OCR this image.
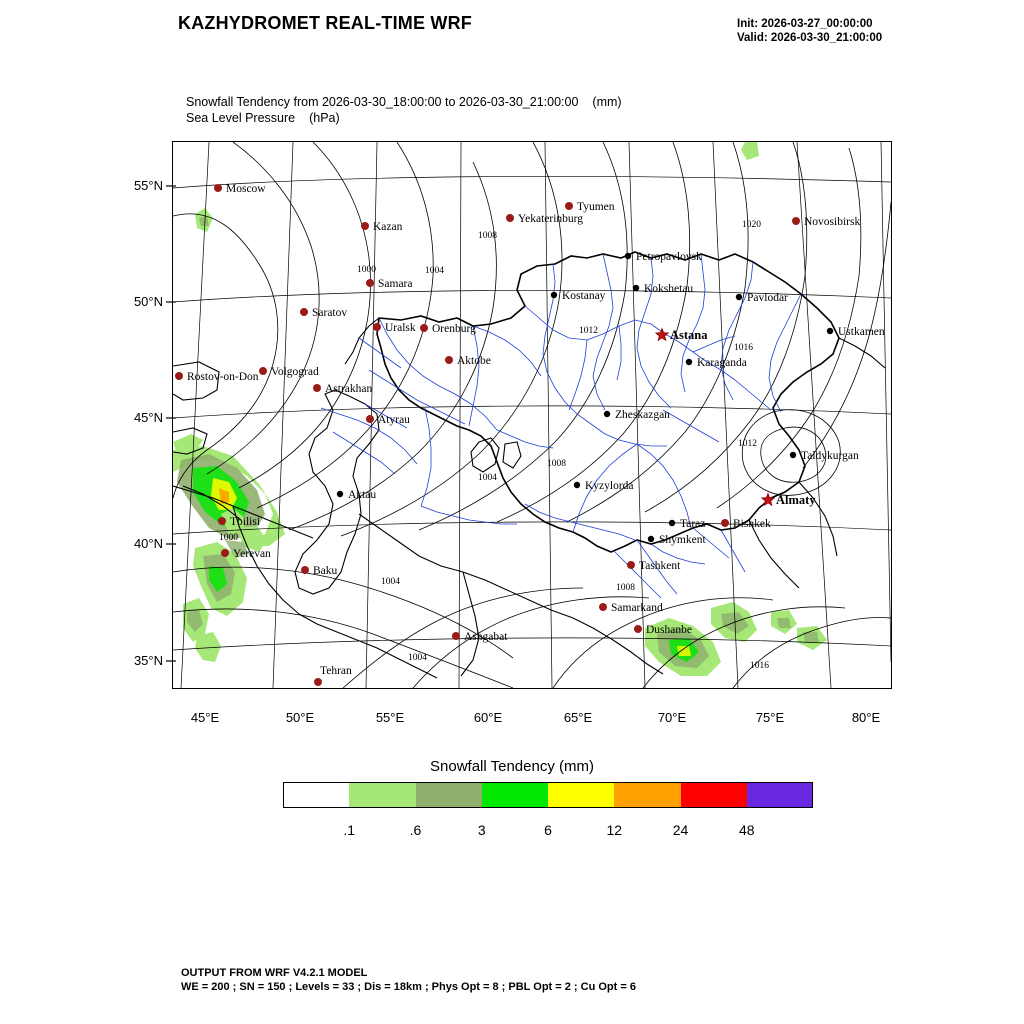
KAZHYDROMET REAL-TIME WRF	Init: 2026-03-27_00:00:00
Valid: 2026-03-30_21:00:00
Snowfall Tendency from 2026-03-30_18:00:00 to 2026-03-30_21:00:00 (mm)
Sea Level Pressure (hPa)
1008
1000	1004
1020
1012
1016
1012
1008
1004
1000
1004
1008
1004
1016
Moscow
Kazan
Yekaterinburg
Tyumen
Novosibirsk
Petropavlovsk
Kostanay
Kokshetau
Pavlodar
Ustkamen
Samara
Saratov
Uralsk Orenburg	Astana
Karaganda
Aktobe
Rostov-on-Don Volgograd
Astrakhan
Atyrau	Zheskazgan
Taldykurgan
Aktau
Kyzylorda
Almaty
Taraz Bishkek
Shymkent
Tbilisi
Yerevan
Baku	Tashkent
Samarkand
Dushanbe
Ashgabat
Tehran
55°N
50°N
45°N
40°N
35°N
45°E	50°E	55°E	60°E	65°E	70°E	75°E	80°E
Snowfall Tendency (mm)
.1	.6	3	6	12	24	48
OUTPUT FROM WRF V4.2.1 MODEL
WE = 200 ; SN = 150 ; Levels = 33 ; Dis = 18km ; Phys Opt = 8 ; PBL Opt = 2 ; Cu Opt = 6
